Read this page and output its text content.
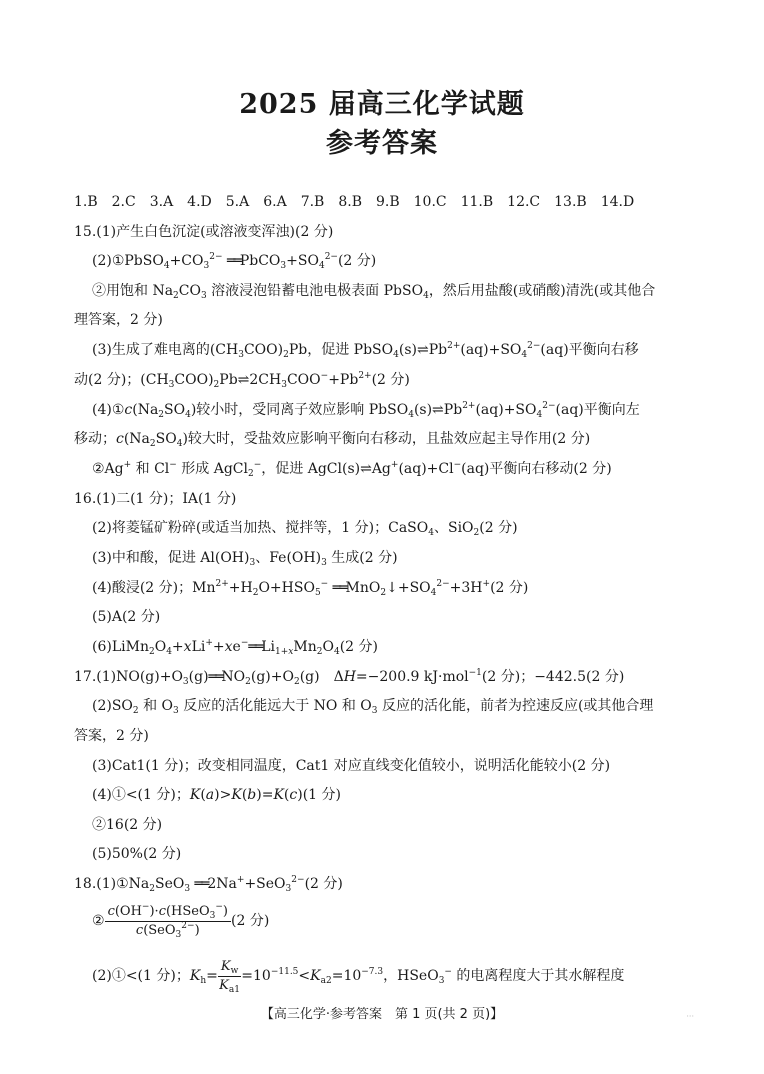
2025 届高三化学试题
参考答案
1.B　2.C　3.A　4.D　5.A　6.A　7.B　8.B　9.B　10.C　11.B　12.C　13.B　14.D
15.(1)产生白色沉淀(或溶液变浑浊)(2 分)
$(2)①PbSO_4+CO_3^{2-}$ $══PbCO_3+SO_4^{2-}(2$ 分)
②用饱和 $Na_2CO_3$ 溶液浸泡铅蓄电池电极表面 PbSO$_4$，然后用盐酸(或硝酸)清洗(或其他合
理答案，2 分)
(3)生成了难电离的$(CH_3COO)_2Pb$，促进 $PbSO_4(s)\rightleftharpoons Pb^{2+}(aq)+SO_4^{2-}(aq)$平衡向右移
动(2 分)；$(CH_3COO)_2Pb\rightleftharpoons 2CH_3COO^-+Pb^{2+}(2$ 分)
$(4)①c(Na_2SO_4)$较小时，受同离子效应影响 $PbSO_4(s)\rightleftharpoons Pb^{2+}(aq)+SO_4^{2-}(aq)$平衡向左
移动；$c(Na_2SO_4)$较大时，受盐效应影响平衡向右移动，且盐效应起主导作用(2 分)
②Ag+ 和 Cl− 形成 AgCl$_2$−，促进 AgCl(s)⇌Ag+(aq)+Cl−(aq)平衡向右移动(2 分)
16.(1)二(1 分)；ⅠA(1 分)
(2)将菱锰矿粉碎(或适当加热、搅拌等，1 分)；CaSO$_4$、SiO$_2$(2 分)
(3)中和酸，促进 $Al(OH)_3$、$Fe(OH)_3$ 生成(2 分)
(4)酸浸(2 分)；$Mn^{2+}+H_2O+HSO_5^-$ $══MnO_2↓+SO_4^{2-}+3H^+(2$ 分)
(5)A(2 分)
$(6)LiMn_2O_4+xLi^++xe^-══Li_{1+x}Mn_2O_4(2$ 分)
$17.(1)NO(g)+O_3(g)══NO_2(g)+O_2(g)$　ΔH=−200.9 kJ·mol$^{-1}$(2 分)；−442.5(2 分)
$(2)SO_2$ 和 $O_3$ 反应的活化能远大于 NO 和 $O_3$ 反应的活化能，前者为控速反应(或其他合理
答案，2 分)
(3)Cat1(1 分)；改变相同温度，Cat1 对应直线变化值较小，说明活化能较小(2 分)
(4)①<(1 分)；K(a)>K(b)=K(c)(1 分)
②16(2 分)
(5)50%(2 分)
$18.(1)①Na_2SeO_3$ ══2Na++SeO$_3^{2-}$(2 分)
② $\frac{c(OH^-)\cdot c(HSeO_3^-)}{c(SeO_3^{2-})} (2$ 分)
(2)①<(1 分)；$K_h= \frac{K_w}{K_{a1}} =10^{-11.5}<K_{a2}=10^{-7.3}$，HSeO$_3$− 的电离程度大于其水解程度
【高三化学·参考答案　第 1 页(共 2 页)】	···
